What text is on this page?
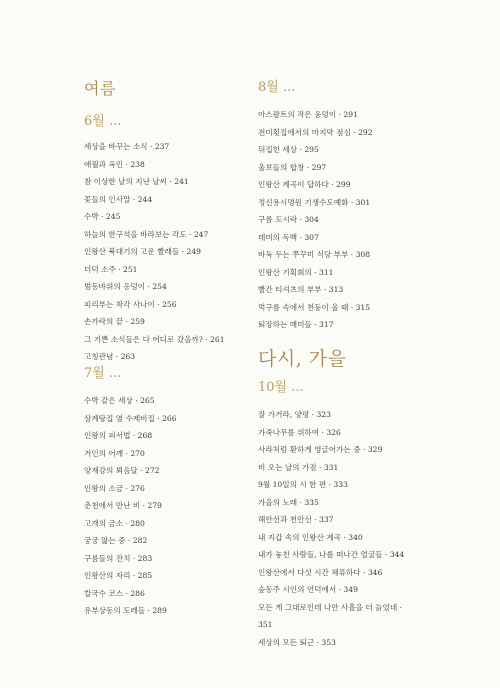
여름
6월 ...
세상을 바꾸는 소식 · 237
애월과 옥인 · 238
참 이상한 날의 지난 날씨 · 241
꽃들의 인사말 · 244
수박 · 245
하늘의 한구석을 바라보는 각도 · 247
인왕산 북대기의 고운 빨래들 · 249
더덕 소주 · 251
범동바위의 응덩이 · 254
피리부는 착각 사나이 · 256
손가락의 끝 · 259
그 기쁜 소식들은 다 어디로 갔을까? · 261
고칭관념 · 263
7월 ...
수박 같은 세상 · 265
삼계탕집 옆 수제비집 · 266
인왕의 피서법 · 268
거인의 어깨 · 270
양재강의 뵈음달 · 272
인왕의 소금 · 276
춘천에서 만난 비 · 279
고개의 금소 · 280
궁궁 앓는 중 · 282
구름들의 잔치 · 283
인왕산의 자리 · 285
칼국수 코스 · 286
유부상동의 도레들 · 289
8월 ...
아스팔트의 작은 웅덩이 · 291
전미횟집에서의 마지막 점심 · 292
뒤집힌 세상 · 295
울보들의 합창 · 297
인왕산 계곡이 답하다 · 299
정신용시명원 기생수도예화 · 301
구름 도시락 · 304
데미의 독백 · 307
바둑 두는 쭈꾸미 식당 부부 · 308
인왕산 기획회의 · 311
빨간 티셔츠의 부부 · 313
먹구름 속에서 천둥이 울 때 · 315
퇴장하는 매미들 · 317
다시, 가을
10월 ...
잘 가거라, 양평 · 323
가죽나무를 위하여 · 326
사라처럼 환하게 영글어가는 중 · 329
비 오는 날의 가짐 · 331
9월 10일의 시 한 편 · 333
가을의 노래 · 335
해안선과 천안선 · 337
내 지갑 속의 인왕산 계곡 · 340
내가 놓친 사람들, 나를 떠나간 얼굴들 · 344
인왕산에서 다섯 시간 체류하다 · 346
숲동주 시인의 언덕에서 · 349
모든 게 그대로인데 나만 사흘을 더 늙었네 ·
351
세상의 모든 퇴근 · 353
